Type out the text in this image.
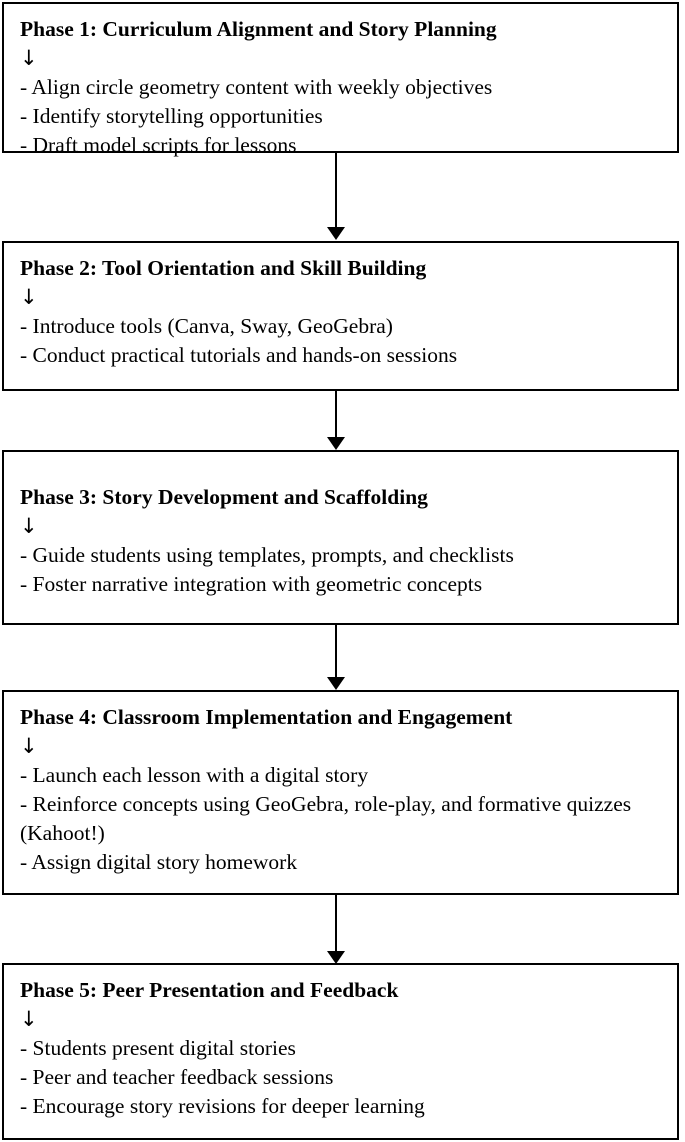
Phase 1: Curriculum Alignment and Story Planning
↓
- Align circle geometry content with weekly objectives
- Identify storytelling opportunities
- Draft model scripts for lessons
Phase 2: Tool Orientation and Skill Building
↓
- Introduce tools (Canva, Sway, GeoGebra)
- Conduct practical tutorials and hands-on sessions
Phase 3: Story Development and Scaffolding
↓
- Guide students using templates, prompts, and checklists
- Foster narrative integration with geometric concepts
Phase 4: Classroom Implementation and Engagement
↓
- Launch each lesson with a digital story
- Reinforce concepts using GeoGebra, role-play, and formative quizzes (Kahoot!)
- Assign digital story homework
Phase 5: Peer Presentation and Feedback
↓
- Students present digital stories
- Peer and teacher feedback sessions
- Encourage story revisions for deeper learning
